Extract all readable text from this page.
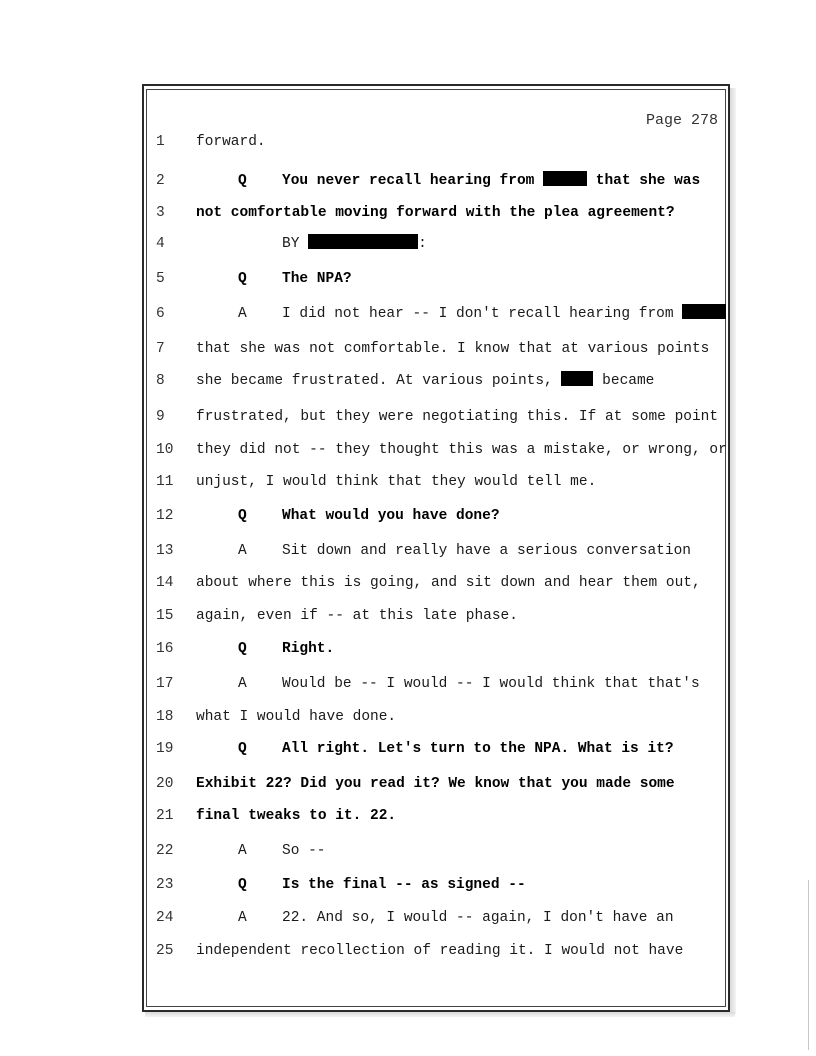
Page 278
1	forward.
2	Q You never recall hearing from	that she was
3	not comfortable moving forward with the plea agreement?
4	BY	:
5	Q The NPA?
6	A I did not hear -- I don't recall hearing from
7	that she was not comfortable. I know that at various points
8	she became frustrated. At various points,	became
9	frustrated, but they were negotiating this. If at some point
10	they did not -- they thought this was a mistake, or wrong, or
11	unjust, I would think that they would tell me.
12	Q What would you have done?
13	A Sit down and really have a serious conversation
14	about where this is going, and sit down and hear them out,
15	again, even if -- at this late phase.
16	Q Right.
17	A Would be -- I would -- I would think that that's
18	what I would have done.
19	Q All right. Let's turn to the NPA. What is it?
20	Exhibit 22? Did you read it? We know that you made some
21	final tweaks to it. 22.
22	A So --
23	Q Is the final -- as signed --
24	A 22. And so, I would -- again, I don't have an
25	independent recollection of reading it. I would not have
